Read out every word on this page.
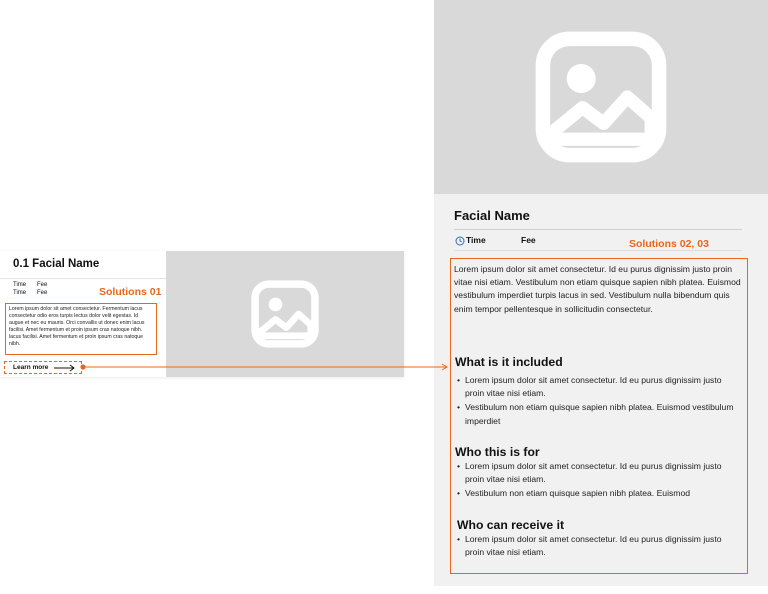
0.1 Facial Name
Time Fee
Time Fee	Solutions 01
Lorem ipsum dolor sit amet consectetur. Fermentum lacus consectetur odio eros turpis lectus dolor velit egestas. Id augue et nec eu mauris. Orci convallis ut donec enim lacus facilisi. Amet fermentum et proin ipsum cras natoque nibh. lacus facilisi. Amet fermentum et proin ipsum cras natoque nibh.
Learn more
Facial Name
Time	Fee	Solutions 02, 03
Lorem ipsum dolor sit amet consectetur. Id eu purus dignissim justo proin vitae nisi etiam. Vestibulum non etiam quisque sapien nibh platea. Euismod vestibulum imperdiet turpis lacus in sed. Vestibulum nulla bibendum quis enim tempor pellentesque in sollicitudin consectetur.
What is it included
• Lorem ipsum dolor sit amet consectetur. Id eu purus dignissim justo proin vitae nisi etiam.
• Vestibulum non etiam quisque sapien nibh platea. Euismod vestibulum imperdiet
Who this is for
• Lorem ipsum dolor sit amet consectetur. Id eu purus dignissim justo proin vitae nisi etiam.
• Vestibulum non etiam quisque sapien nibh platea. Euismod
Who can receive it
• Lorem ipsum dolor sit amet consectetur. Id eu purus dignissim justo proin vitae nisi etiam.
